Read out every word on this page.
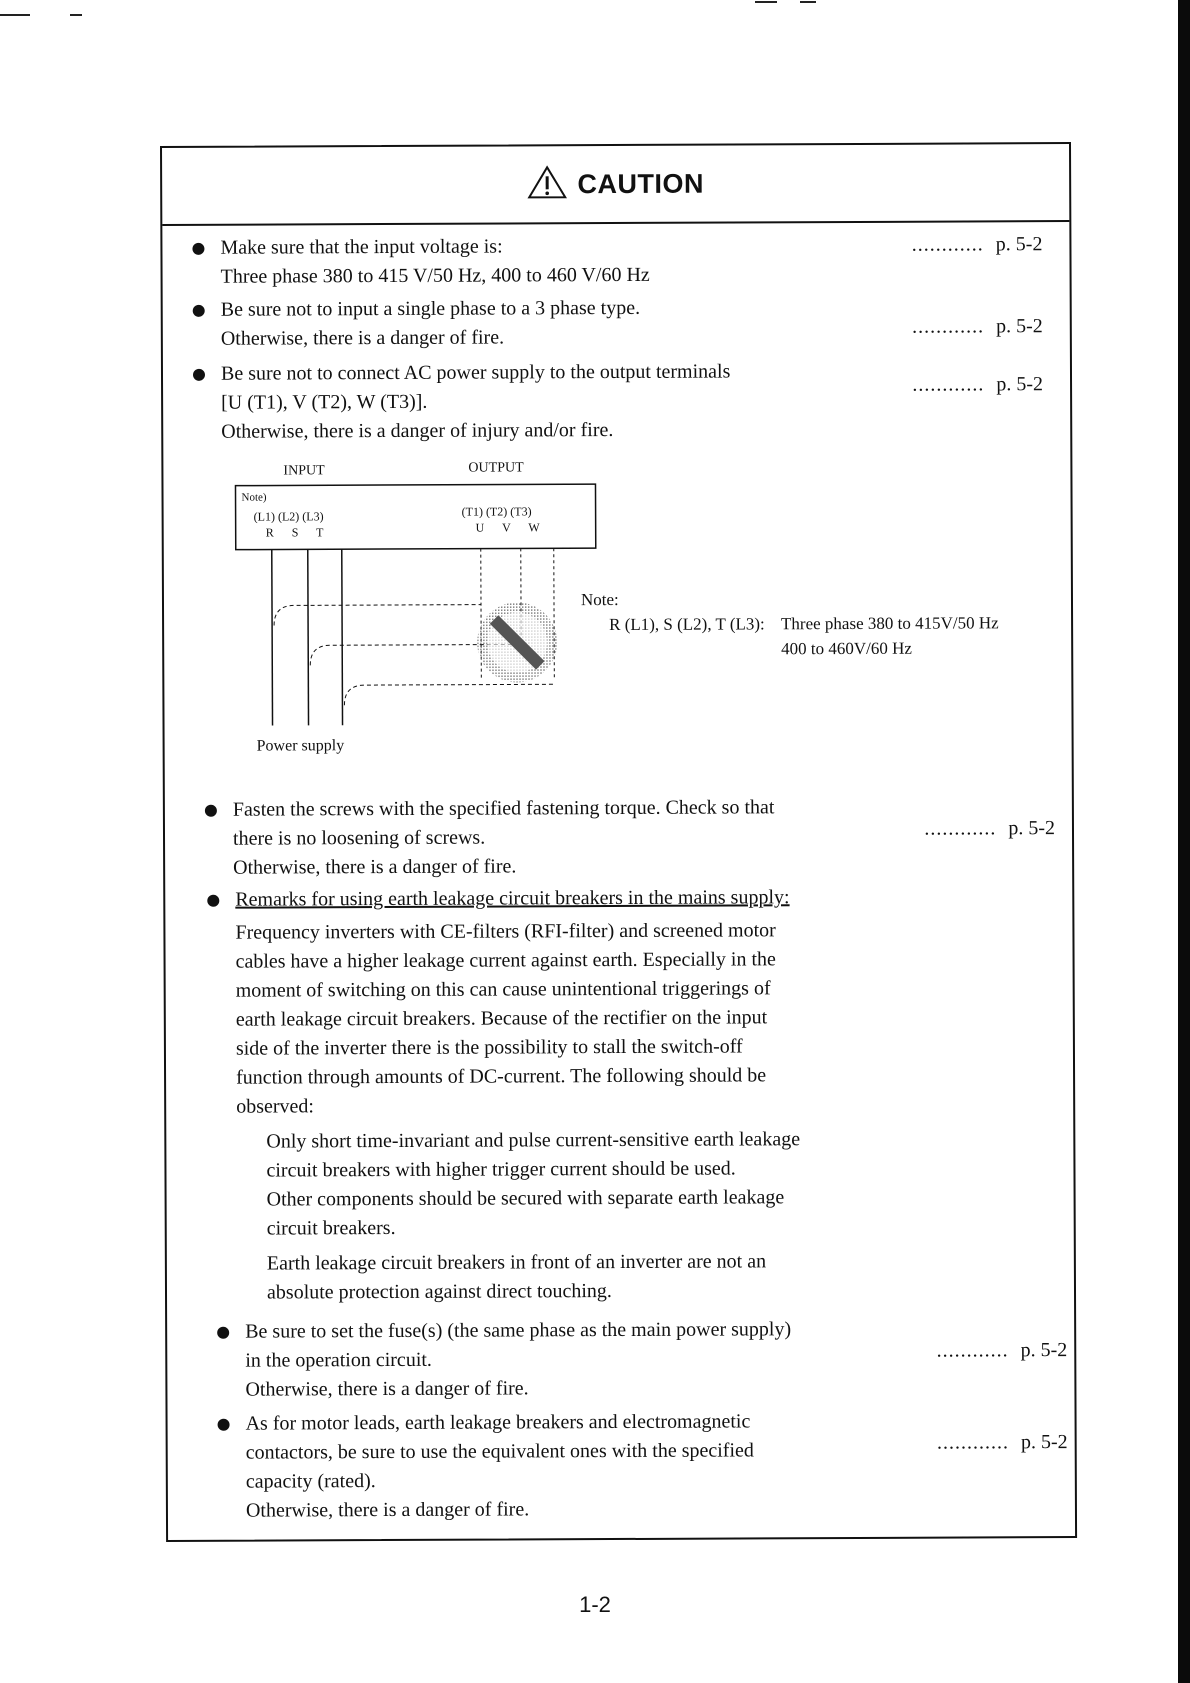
CAUTION
Make sure that the input voltage is:
Three phase 380 to 415 V/50 Hz, 400 to 460 V/60 Hz
............ p. 5-2
Be sure not to input a single phase to a 3 phase type.
Otherwise, there is a danger of fire.	............ p. 5-2
Be sure not to connect AC power supply to the output terminals
[U (T1), V (T2), W (T3)].
Otherwise, there is a danger of injury and/or fire.
............ p. 5-2
INPUT	OUTPUT
Note)
(L1) (L2) (L3)
R      S      T
(T1) (T2) (T3)
U      V      W
Power supply
Note:
R (L1), S (L2), T (L3): Three phase 380 to 415V/50 Hz
400 to 460V/60 Hz
Fasten the screws with the specified fastening torque. Check so that
there is no loosening of screws.
Otherwise, there is a danger of fire.
............ p. 5-2
Remarks for using earth leakage circuit breakers in the mains supply:
Frequency inverters with CE-filters (RFI-filter) and screened motor
cables have a higher leakage current against earth. Especially in the
moment of switching on this can cause unintentional triggerings of
earth leakage circuit breakers. Because of the rectifier on the input
side of the inverter there is the possibility to stall the switch-off
function through amounts of DC-current. The following should be
observed:
Only short time-invariant and pulse current-sensitive earth leakage
circuit breakers with higher trigger current should be used.
Other components should be secured with separate earth leakage
circuit breakers.
Earth leakage circuit breakers in front of an inverter are not an
absolute protection against direct touching.
Be sure to set the fuse(s) (the same phase as the main power supply)
in the operation circuit.
Otherwise, there is a danger of fire.
............ p. 5-2
As for motor leads, earth leakage breakers and electromagnetic
contactors, be sure to use the equivalent ones with the specified
capacity (rated).
Otherwise, there is a danger of fire.
............ p. 5-2
1-2
